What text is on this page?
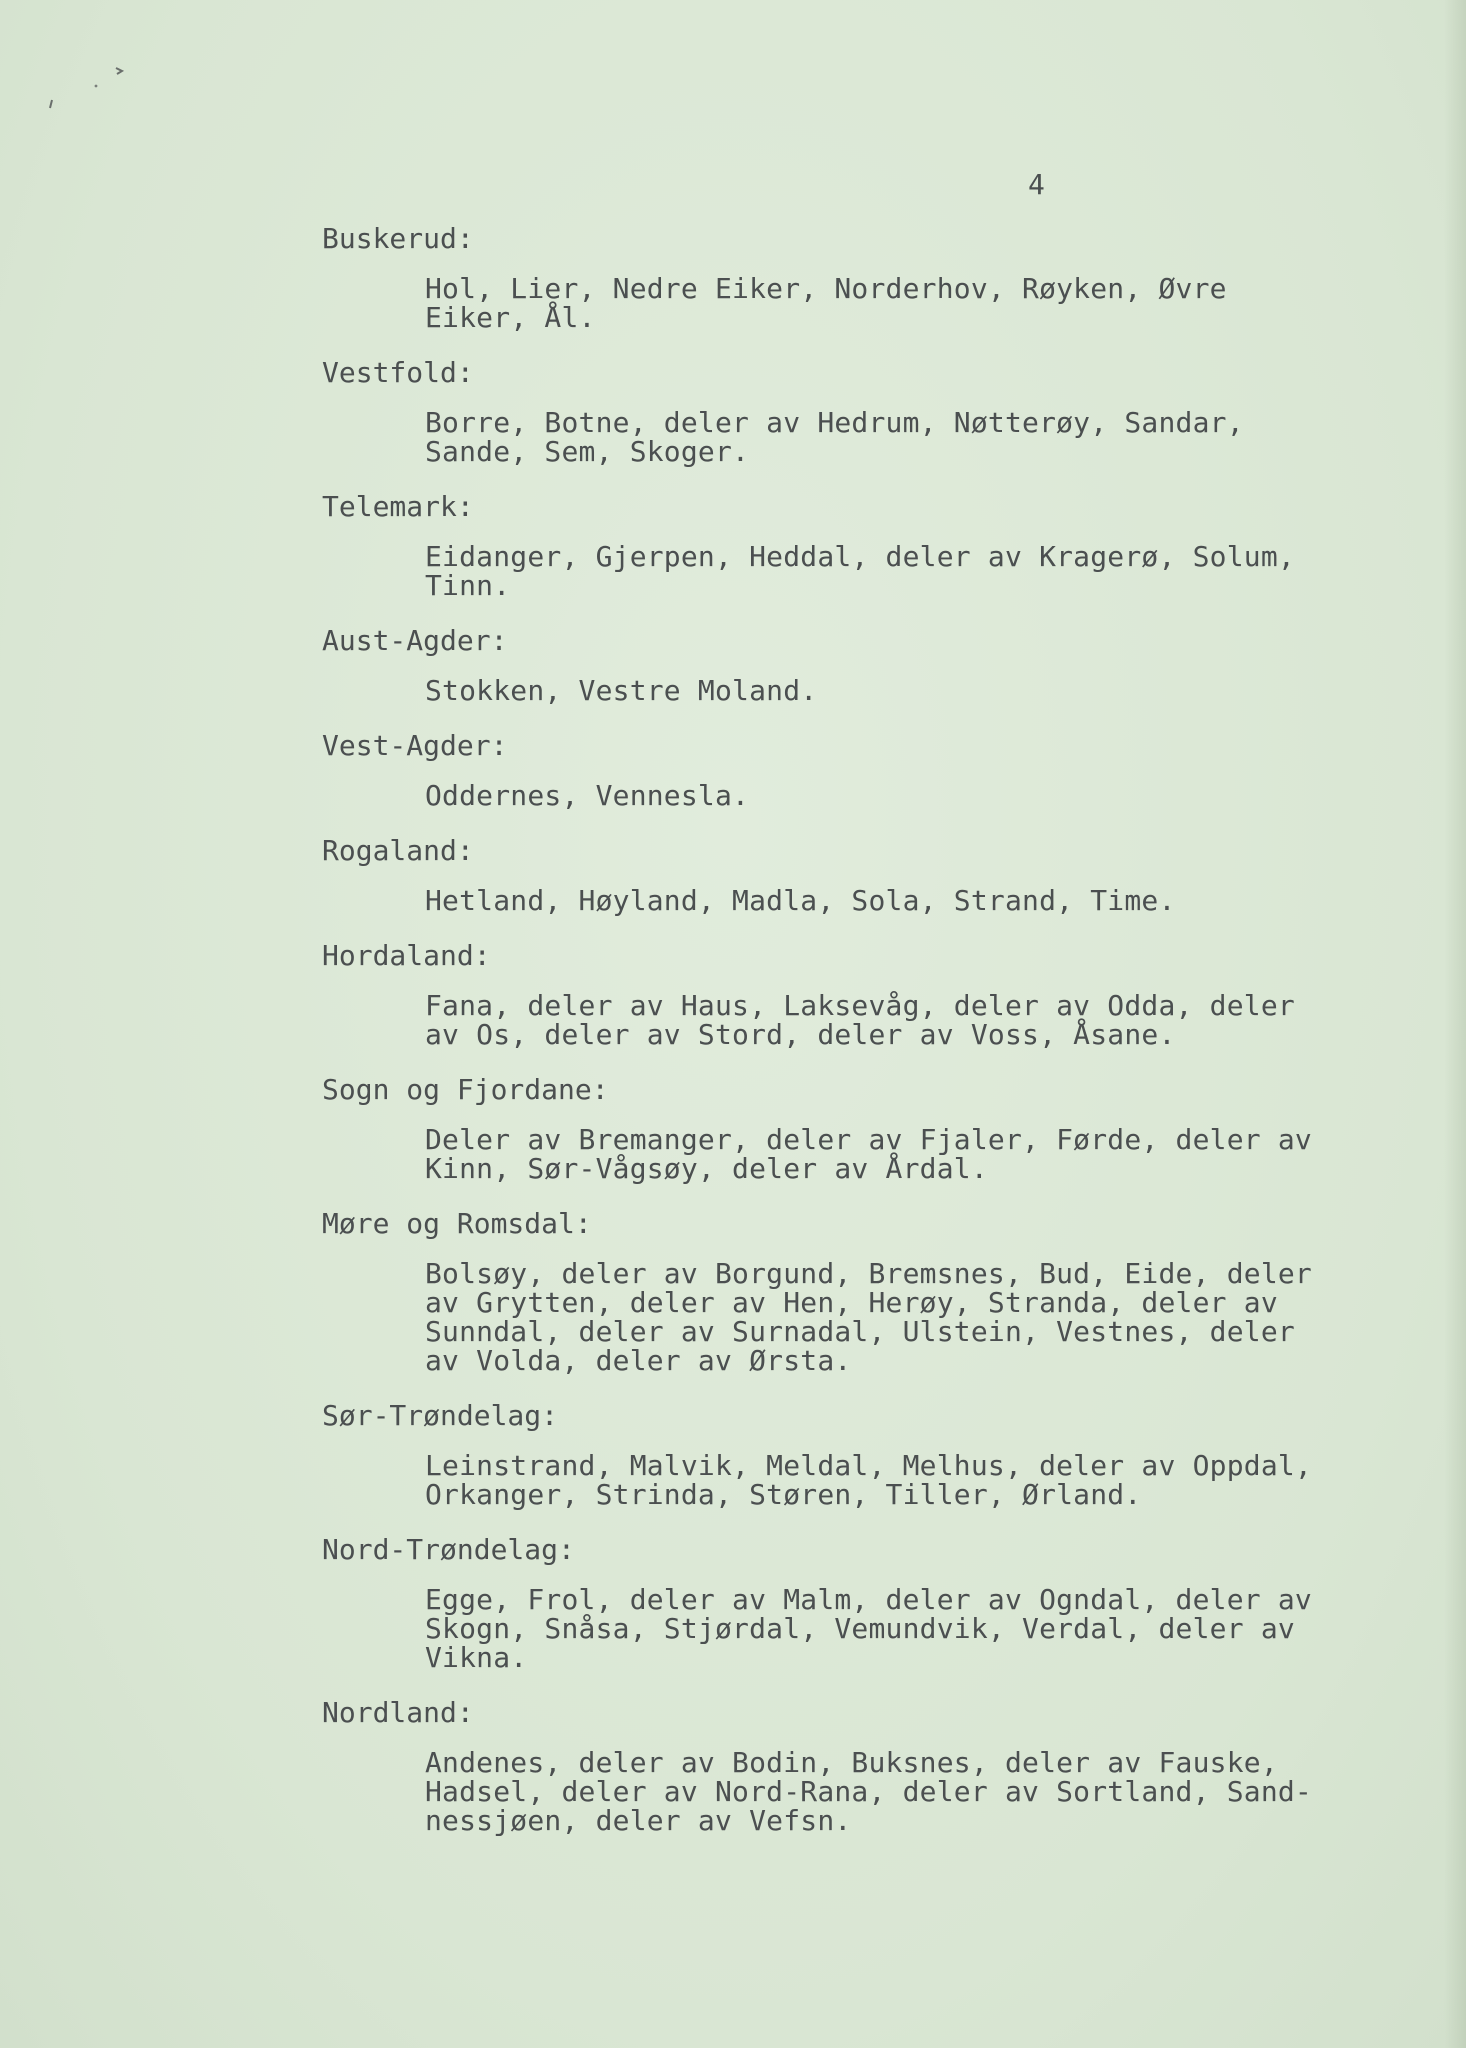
4
Buskerud:
Hol, Lier, Nedre Eiker, Norderhov, Røyken, Øvre
Eiker, Ål.
Vestfold:
Borre, Botne, deler av Hedrum, Nøtterøy, Sandar,
Sande, Sem, Skoger.
Telemark:
Eidanger, Gjerpen, Heddal, deler av Kragerø, Solum,
Tinn.
Aust-Agder:
Stokken, Vestre Moland.
Vest-Agder:
Oddernes, Vennesla.
Rogaland:
Hetland, Høyland, Madla, Sola, Strand, Time.
Hordaland:
Fana, deler av Haus, Laksevåg, deler av Odda, deler
av Os, deler av Stord, deler av Voss, Åsane.
Sogn og Fjordane:
Deler av Bremanger, deler av Fjaler, Førde, deler av
Kinn, Sør-Vågsøy, deler av Årdal.
Møre og Romsdal:
Bolsøy, deler av Borgund, Bremsnes, Bud, Eide, deler
av Grytten, deler av Hen, Herøy, Stranda, deler av
Sunndal, deler av Surnadal, Ulstein, Vestnes, deler
av Volda, deler av Ørsta.
Sør-Trøndelag:
Leinstrand, Malvik, Meldal, Melhus, deler av Oppdal,
Orkanger, Strinda, Støren, Tiller, Ørland.
Nord-Trøndelag:
Egge, Frol, deler av Malm, deler av Ogndal, deler av
Skogn, Snåsa, Stjørdal, Vemundvik, Verdal, deler av
Vikna.
Nordland:
Andenes, deler av Bodin, Buksnes, deler av Fauske,
Hadsel, deler av Nord-Rana, deler av Sortland, Sand-
nessjøen, deler av Vefsn.
